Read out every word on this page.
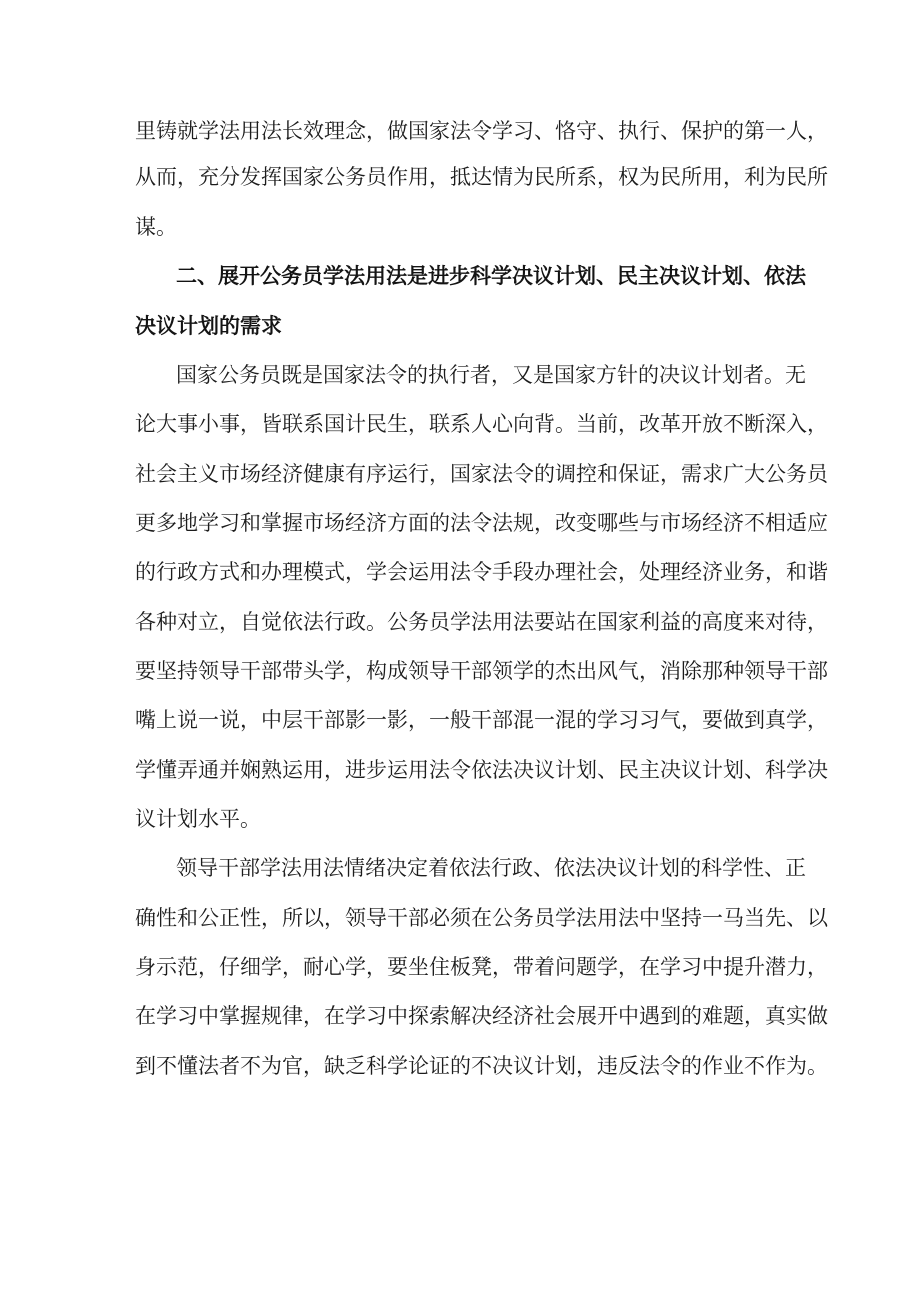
里铸就学法用法长效理念，做国家法令学习、恪守、执行、保护的第一人，

从而，充分发挥国家公务员作用，抵达情为民所系，权为民所用，利为民所

谋。

二、展开公务员学法用法是进步科学决议计划、民主决议计划、依法

决议计划的需求

国家公务员既是国家法令的执行者，又是国家方针的决议计划者。无

论大事小事，皆联系国计民生，联系人心向背。当前，改革开放不断深入，

社会主义市场经济健康有序运行，国家法令的调控和保证，需求广大公务员

更多地学习和掌握市场经济方面的法令法规，改变哪些与市场经济不相适应

的行政方式和办理模式，学会运用法令手段办理社会，处理经济业务，和谐

各种对立，自觉依法行政。公务员学法用法要站在国家利益的高度来对待，

要坚持领导干部带头学，构成领导干部领学的杰出风气，消除那种领导干部

嘴上说一说，中层干部影一影，一般干部混一混的学习习气，要做到真学，

学懂弄通并娴熟运用，进步运用法令依法决议计划、民主决议计划、科学决

议计划水平。

领导干部学法用法情绪决定着依法行政、依法决议计划的科学性、正

确性和公正性，所以，领导干部必须在公务员学法用法中坚持一马当先、以

身示范，仔细学，耐心学，要坐住板凳，带着问题学，在学习中提升潜力，

在学习中掌握规律，在学习中探索解决经济社会展开中遇到的难题，真实做

到不懂法者不为官，缺乏科学论证的不决议计划，违反法令的作业不作为。
